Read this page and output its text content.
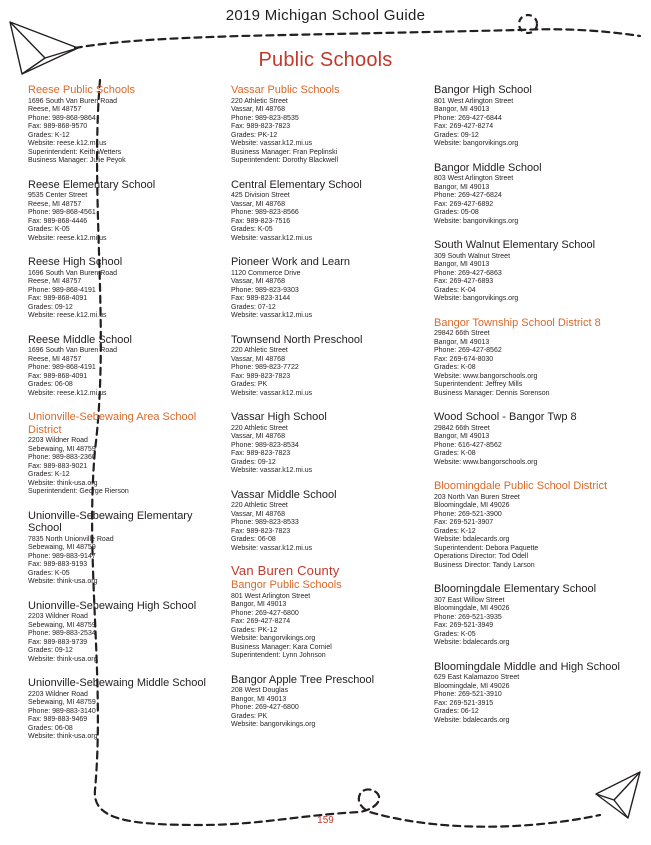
2019 Michigan School Guide
Public Schools
Reese Public Schools
1696 South Van Buren Road
Reese, MI 48757
Phone: 989-868-9864
Fax: 989-868-9570
Grades: K-12
Website: reese.k12.mi.us
Superintendent: Keith Wetters
Business Manager: Julie Peyok
Reese Elementary School
9535 Center Street
Reese, MI 48757
Phone: 989-868-4561
Fax: 989-868-4446
Grades: K-05
Website: reese.k12.mi.us
Reese High School
1696 South Van Buren Road
Reese, MI 48757
Phone: 989-868-4191
Fax: 989-868-4091
Grades: 09-12
Website: reese.k12.mi.us
Reese Middle School
1696 South Van Buren Road
Reese, MI 48757
Phone: 989-868-4191
Fax: 989-868-4091
Grades: 06-08
Website: reese.k12.mi.us
Unionville-Sebewaing Area School District
2203 Wildner Road
Sebewaing, MI 48759
Phone: 989-883-2360
Fax: 989-883-9021
Grades: K-12
Website: think-usa.org
Superintendent: George Rierson
Unionville-Sebewaing Elementary School
7835 North Unionville Road
Sebewaing, MI 48759
Phone: 989-883-9147
Fax: 989-883-9193
Grades: K-05
Website: think-usa.org
Unionville-Sebewaing High School
2203 Wildner Road
Sebewaing, MI 48759
Phone: 989-883-2534
Fax: 989-883-9739
Grades: 09-12
Website: think-usa.org
Unionville-Sebewaing Middle School
2203 Wildner Road
Sebewaing, MI 48759
Phone: 989-883-3140
Fax: 989-883-9469
Grades: 06-08
Website: think-usa.org
Vassar Public Schools
220 Athletic Street
Vassar, MI 48768
Phone: 989-823-8535
Fax: 989-823-7823
Grades: PK-12
Website: vassar.k12.mi.us
Business Manager: Fran Peplinski
Superintendent: Dorothy Blackwell
Central Elementary School
425 Division Street
Vassar, MI 48768
Phone: 989-823-8566
Fax: 989-823-7516
Grades: K-05
Website: vassar.k12.mi.us
Pioneer Work and Learn
1120 Commerce Drive
Vassar, MI 48768
Phone: 989-823-9303
Fax: 989-823-3144
Grades: 07-12
Website: vassar.k12.mi.us
Townsend North Preschool
220 Athletic Street
Vassar, MI 48768
Phone: 989-823-7722
Fax: 989-823-7823
Grades: PK
Website: vassar.k12.mi.us
Vassar High School
220 Athletic Street
Vassar, MI 48768
Phone: 989-823-8534
Fax: 989-823-7823
Grades: 09-12
Website: vassar.k12.mi.us
Vassar Middle School
220 Athletic Street
Vassar, MI 48768
Phone: 989-823-8533
Fax: 989-823-7823
Grades: 06-08
Website: vassar.k12.mi.us
Van Buren County
Bangor Public Schools
801 West Arlington Street
Bangor, MI 49013
Phone: 269-427-6800
Fax: 269-427-8274
Grades: PK-12
Website: bangorvikings.org
Business Manager: Kara Corniel
Superintendent: Lynn Johnson
Bangor Apple Tree Preschool
208 West Douglas
Bangor, MI 49013
Phone: 269-427-6800
Grades: PK
Website: bangorvikings.org
Bangor High School
801 West Arlington Street
Bangor, MI 49013
Phone: 269-427-6844
Fax: 269-427-8274
Grades: 09-12
Website: bangorvikings.org
Bangor Middle School
803 West Arlington Street
Bangor, MI 49013
Phone: 269-427-6824
Fax: 269-427-6892
Grades: 05-08
Website: bangorvikings.org
South Walnut Elementary School
309 South Walnut Street
Bangor, MI 49013
Phone: 269-427-6863
Fax: 269-427-6893
Grades: K-04
Website: bangorvikings.org
Bangor Township School District 8
29842 66th Street
Bangor, MI 49013
Phone: 269-427-8562
Fax: 269-674-8030
Grades: K-08
Website: www.bangorschools.org
Superintendent: Jeffrey Mills
Business Manager: Dennis Sorenson
Wood School - Bangor Twp 8
29842 66th Street
Bangor, MI 49013
Phone: 616-427-8562
Grades: K-08
Website: www.bangorschools.org
Bloomingdale Public School District
203 North Van Buren Street
Bloomingdale, MI 49026
Phone: 269-521-3900
Fax: 269-521-3907
Grades: K-12
Website: bdalecards.org
Superintendent: Debora Paquette
Operations Director: Tod Odell
Business Director: Tandy Larson
Bloomingdale Elementary School
307 East Willow Street
Bloomingdale, MI 49026
Phone: 269-521-3935
Fax: 269-521-3949
Grades: K-05
Website: bdalecards.org
Bloomingdale Middle and High School
629 East Kalamazoo Street
Bloomingdale, MI 49026
Phone: 269-521-3910
Fax: 269-521-3915
Grades: 06-12
Website: bdalecards.org
159
